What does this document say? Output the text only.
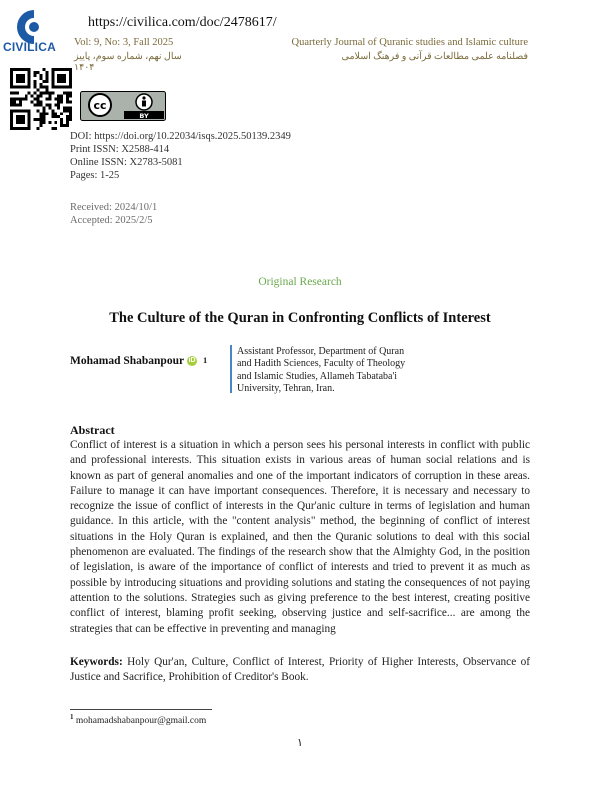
CIVILICA
https://civilica.com/doc/2478617/
Vol: 9, No: 3, Fall 2025
سال نهم، شماره سوم، پاییز ۱۴۰۴
Quarterly Journal of Quranic studies and Islamic culture
فصلنامه علمی مطالعات قرآنی و فرهنگ اسلامی
cc
BY
DOI: https://doi.org/10.22034/isqs.2025.50139.2349
Print ISSN: X2588-414
Online ISSN: X2783-5081
Pages: 1-25
Received: 2024/10/1
Accepted: 2025/2/5
Original Research
The Culture of the Quran in Confronting Conflicts of Interest
Mohamad Shabanpour iD 1
Assistant Professor, Department of Quran and Hadith Sciences, Faculty of Theology and Islamic Studies, Allameh Tabataba'i University, Tehran, Iran.
Abstract
Conflict of interest is a situation in which a person sees his personal interests in conflict with public and professional interests. This situation exists in various areas of human social relations and is known as part of general anomalies and one of the important indicators of corruption in these areas. Failure to manage it can have important consequences. Therefore, it is necessary and necessary to recognize the issue of conflict of interests in the Qur'anic culture in terms of legislation and human guidance. In this article, with the "content analysis" method, the beginning of conflict of interest situations in the Holy Quran is explained, and then the Quranic solutions to deal with this social phenomenon are evaluated. The findings of the research show that the Almighty God, in the position of legislation, is aware of the importance of conflict of interests and tried to prevent it as much as possible by introducing situations and providing solutions and stating the consequences of not paying attention to the solutions. Strategies such as giving preference to the best interest, creating positive conflict of interest, blaming profit seeking, observing justice and self-sacrifice... are among the strategies that can be effective in preventing and managing
Keywords: Holy Qur'an, Culture, Conflict of Interest, Priority of Higher Interests, Observance of Justice and Sacrifice, Prohibition of Creditor's Book.
$^1$ mohamadshabanpour@gmail.com
١
